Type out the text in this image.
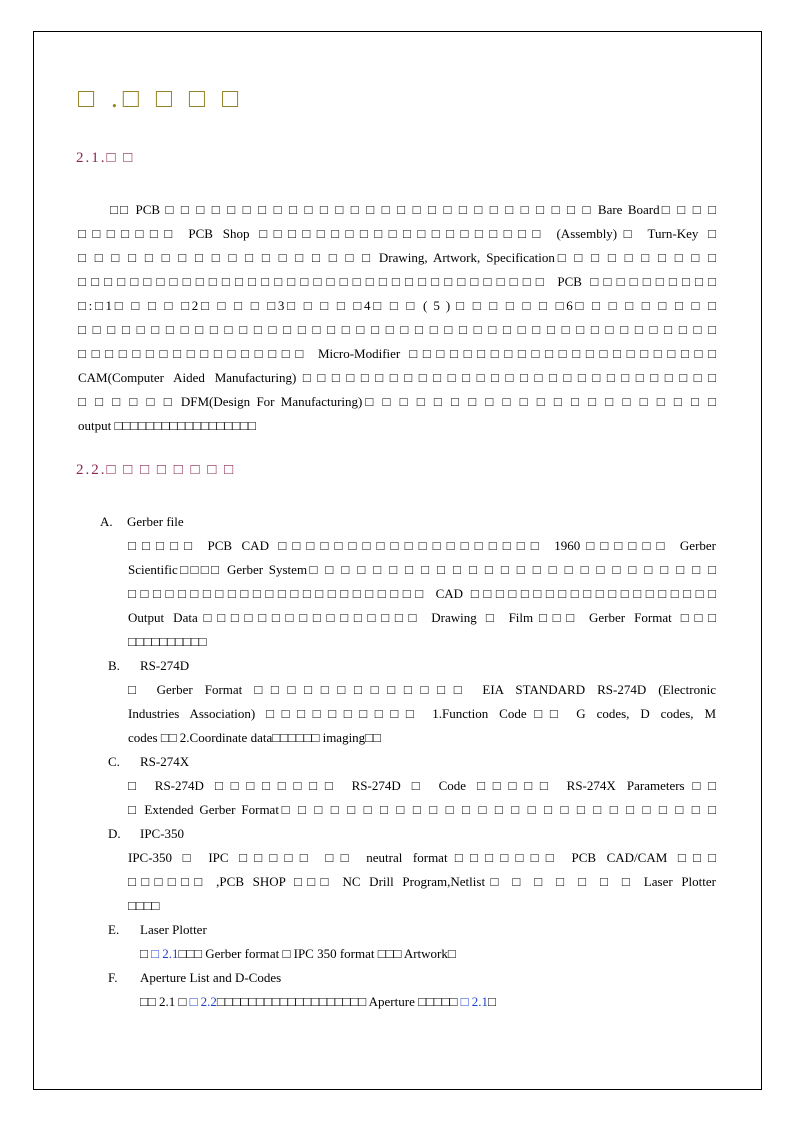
□ .□ □ □ □
2.1.□ □
□□ PCB □ □ □ □ □ □ □ □ □ □ □ □ □ □ □ □ □ □ □ □ □ □ □ □ □ □ □ □ Bare Board□ □ □ □
□□□□□□□ PCB Shop □□□□□□□□□□□□□□□□□□□□ (Assembly)□ Turn-Key □
□ □ □ □ □ □ □ □ □ □ □ □ □ □ □ □ □ □ Drawing, Artwork, Specification□ □ □ □ □ □ □ □ □ □
□□□□□□□□□□□□□□□□□□□□□□□□□□□□□□□□□□□□ PCB □□□□□□□□□□
□:□1□ □ □ □ □2□ □ □ □ □3□ □ □ □ □4□ □ □ ( 5 ) □ □ □ □ □ □ □6□ □ □ □ □ □ □ □ □
□ □ □ □ □ □ □ □ □ □ □ □ □ □ □ □ □ □ □ □ □ □ □ □ □ □ □ □ □ □ □ □ □ □ □ □ □ □ □ □ □ □ □ □
□□□□□□□□□□□□□□□□□ Micro-Modifier □□□□□□□□□□□□□□□□□□□□□□□
CAM(Computer Aided Manufacturing)□□□□□□□□□□□□□□□□□□□□□□□□□□□□□
□ □ □ □ □ □ DFM(Design For Manufacturing)□ □ □ □ □ □ □ □ □ □ □ □ □ □ □ □ □ □ □ □ □
output □□□□□□□□□□□□□□□□□□
2.2.□ □ □ □ □ □ □ □
A. Gerber file
□□□□□ PCB CAD □□□□□□□□□□□□□□□□□□□ 1960□□□□□□ Gerber
Scientific□□□□ Gerber System□ □ □ □ □ □ □ □ □ □ □ □ □ □ □ □ □ □ □ □ □ □ □ □ □ □
□□□□□□□□□□□□□□□□□□□□□□□□ CAD □□□□□□□□□□□□□□□□□□□□
Output Data□□□□□□□□□□□□□□□□ Drawing □ Film□□□ Gerber Format □□□
□□□□□□□□□□
B. RS-274D
□ Gerber Format □□□□□□□□□□□□□ EIA STANDARD RS-274D (Electronic
Industries Association) □□□□□□□□□□ 1.Function Code□□ G codes, D codes, M
codes □□ 2.Coordinate data□□□□□□ imaging□□
C. RS-274X
□ RS-274D □□□□□□□□ RS-274D □ Code □□□□□ RS-274X Parameters□□
□ Extended Gerber Format□ □ □ □ □ □ □ □ □ □ □ □ □ □ □ □ □ □ □ □ □ □ □ □ □ □ □
D. IPC-350
IPC-350 □ IPC □□□□□ □□ neutral format□□□□□□□ PCB CAD/CAM □□□
□□□□□□ ,PCB SHOP □□□ NC Drill Program,Netlist□ □ □ □ □ □ □ Laser Plotter
□□□□
E. Laser Plotter
□ □ 2.1□□□ Gerber format □ IPC 350 format □□□ Artwork□
F. Aperture List and D-Codes
□□ 2.1 □ □ 2.2□□□□□□□□□□□□□□□□□□□ Aperture □□□□□ □ 2.1□
